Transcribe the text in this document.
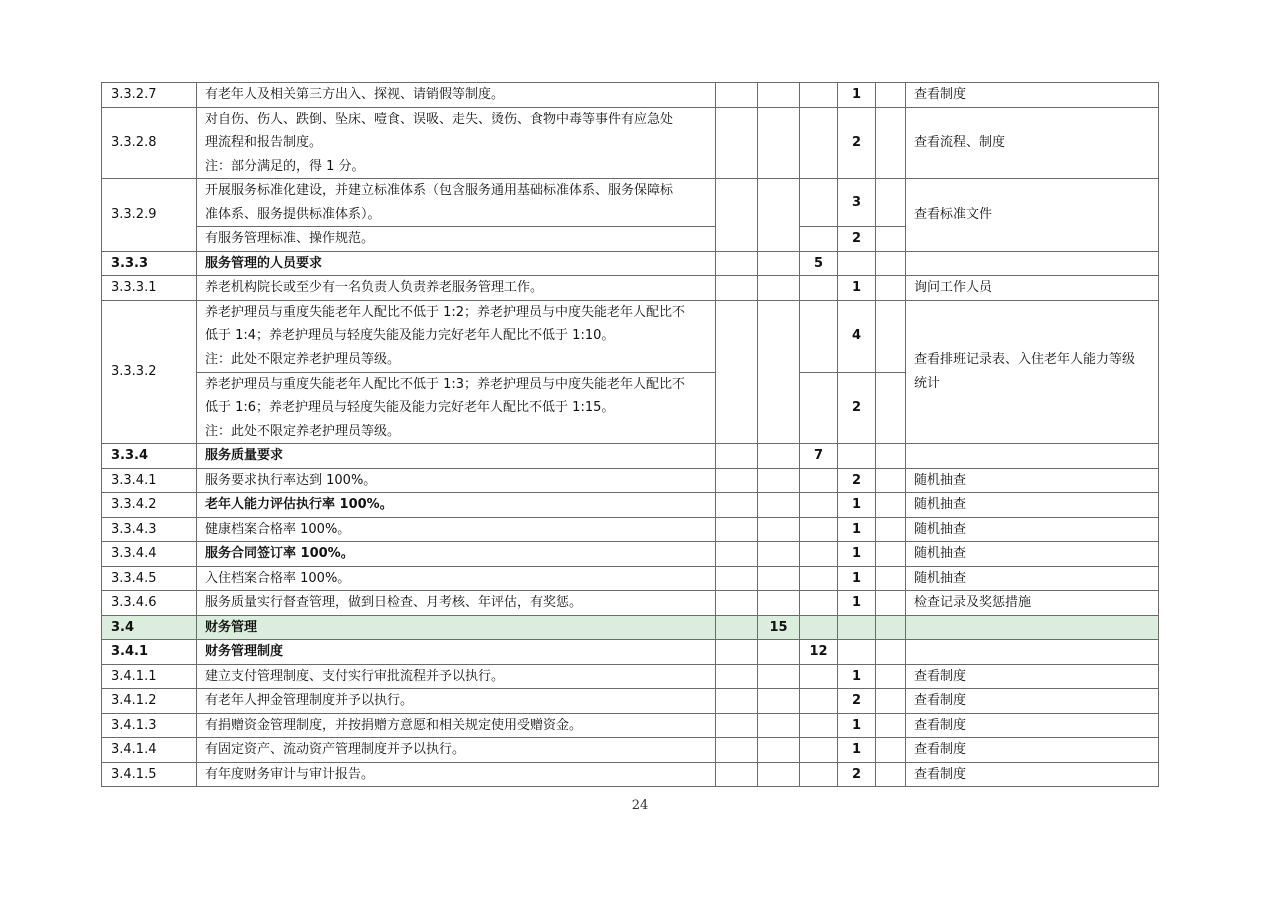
3.3.2.7	有老年人及相关第三方出入、探视、请销假等制度。				1		查看制度
3.3.2.8	对自伤、伤人、跌倒、坠床、噎食、误吸、走失、烫伤、食物中毒等事件有应急处
理流程和报告制度。
注：部分满足的，得 1 分。				2		查看流程、制度
3.3.2.9	开展服务标准化建设，并建立标准体系（包含服务通用基础标准体系、服务保障标
准体系、服务提供标准体系）。				3		查看标准文件
	有服务管理标准、操作规范。				2		
3.3.3	服务管理的人员要求			5			
3.3.3.1	养老机构院长或至少有一名负责人负责养老服务管理工作。				1		询问工作人员
3.3.3.2	养老护理员与重度失能老年人配比不低于 1:2；养老护理员与中度失能老年人配比不
低于 1:4；养老护理员与轻度失能及能力完好老年人配比不低于 1:10。
注：此处不限定养老护理员等级。				4		查看排班记录表、入住老年人能力等级
统计

	养老护理员与重度失能老年人配比不低于 1:3；养老护理员与中度失能老年人配比不
低于 1:6；养老护理员与轻度失能及能力完好老年人配比不低于 1:15。
注：此处不限定养老护理员等级。				2		
3.3.4	服务质量要求			7			
3.3.4.1	服务要求执行率达到 100%。				2		随机抽查
3.3.4.2	老年人能力评估执行率 100%。				1		随机抽查
3.3.4.3	健康档案合格率 100%。				1		随机抽查
3.3.4.4	服务合同签订率 100%。				1		随机抽查
3.3.4.5	入住档案合格率 100%。				1		随机抽查
3.3.4.6	服务质量实行督查管理，做到日检查、月考核、年评估，有奖惩。				1		检查记录及奖惩措施
3.4	财务管理		15				
3.4.1	财务管理制度			12			
3.4.1.1	建立支付管理制度、支付实行审批流程并予以执行。				1		查看制度
3.4.1.2	有老年人押金管理制度并予以执行。				2		查看制度
3.4.1.3	有捐赠资金管理制度，并按捐赠方意愿和相关规定使用受赠资金。				1		查看制度
3.4.1.4	有固定资产、流动资产管理制度并予以执行。				1		查看制度
3.4.1.5	有年度财务审计与审计报告。				2		查看制度
24
